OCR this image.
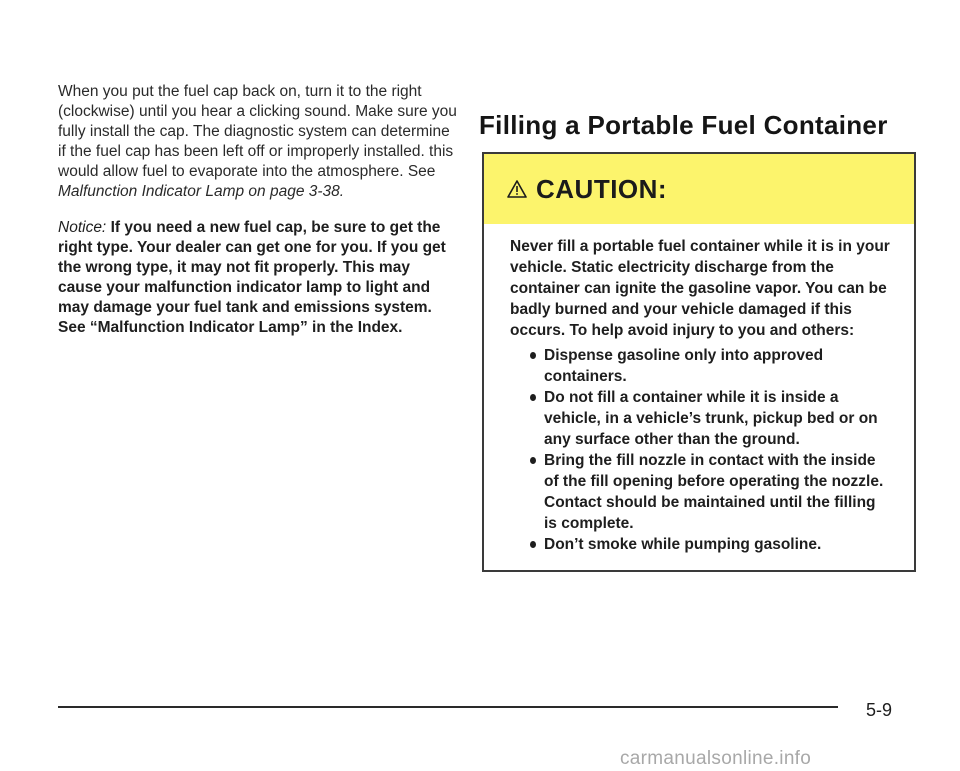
When you put the fuel cap back on, turn it to the right (clockwise) until you hear a clicking sound. Make sure you fully install the cap. The diagnostic system can determine if the fuel cap has been left off or improperly installed. this would allow fuel to evaporate into the atmosphere. See Malfunction Indicator Lamp on page 3-38.

Notice: If you need a new fuel cap, be sure to get the right type. Your dealer can get one for you. If you get the wrong type, it may not fit properly. This may cause your malfunction indicator lamp to light and may damage your fuel tank and emissions system. See “Malfunction Indicator Lamp” in the Index.

Filling a Portable Fuel Container
CAUTION:

Never fill a portable fuel container while it is in your vehicle. Static electricity discharge from the container can ignite the gasoline vapor. You can be badly burned and your vehicle damaged if this occurs. To help avoid injury to you and others:

Dispense gasoline only into approved containers.
Do not fill a container while it is inside a vehicle, in a vehicle’s trunk, pickup bed or on any surface other than the ground.
Bring the fill nozzle in contact with the inside of the fill opening before operating the nozzle. Contact should be maintained until the filling is complete.
Don’t smoke while pumping gasoline.
5-9
carmanualsonline.info
